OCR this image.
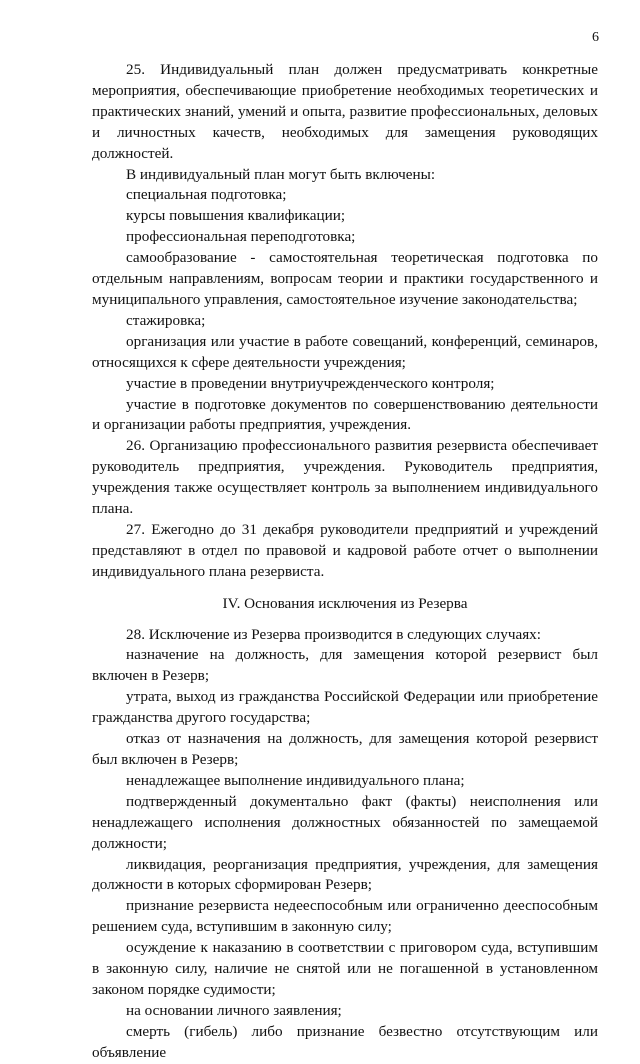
6

25. Индивидуальный план должен предусматривать конкретные мероприятия, обеспечивающие приобретение необходимых теоретических и практических знаний, умений и опыта, развитие профессиональных, деловых и личностных качеств, необходимых для замещения руководящих должностей.

В индивидуальный план могут быть включены:

специальная подготовка;

курсы повышения квалификации;

профессиональная переподготовка;

самообразование - самостоятельная теоретическая подготовка по отдельным направлениям, вопросам теории и практики государственного и муниципального управления, самостоятельное изучение законодательства;

стажировка;

организация или участие в работе совещаний, конференций, семинаров, относящихся к сфере деятельности учреждения;

участие в проведении внутриучрежденческого контроля;

участие в подготовке документов по совершенствованию деятельности и организации работы предприятия, учреждения.

26. Организацию профессионального развития резервиста обеспечивает руководитель предприятия, учреждения. Руководитель предприятия, учреждения также осуществляет контроль за выполнением индивидуального плана.

27. Ежегодно до 31 декабря руководители предприятий и учреждений представляют в отдел по правовой и кадровой работе отчет о выполнении индивидуального плана резервиста.

IV. Основания исключения из Резерва

28. Исключение из Резерва производится в следующих случаях:

назначение на должность, для замещения которой резервист был включен в Резерв;

утрата, выход из гражданства Российской Федерации или приобретение гражданства другого государства;

отказ от назначения на должность, для замещения которой резервист был включен в Резерв;

ненадлежащее выполнение индивидуального плана;

подтвержденный документально факт (факты) неисполнения или ненадлежащего исполнения должностных обязанностей по замещаемой должности;

ликвидация, реорганизация предприятия, учреждения, для замещения должности в которых сформирован Резерв;

признание резервиста недееспособным или ограниченно дееспособным решением суда, вступившим в законную силу;

осуждение к наказанию в соответствии с приговором суда, вступившим в законную силу, наличие не снятой или не погашенной в установленном законом порядке судимости;

на основании личного заявления;

смерть (гибель) либо признание безвестно отсутствующим или объявление
